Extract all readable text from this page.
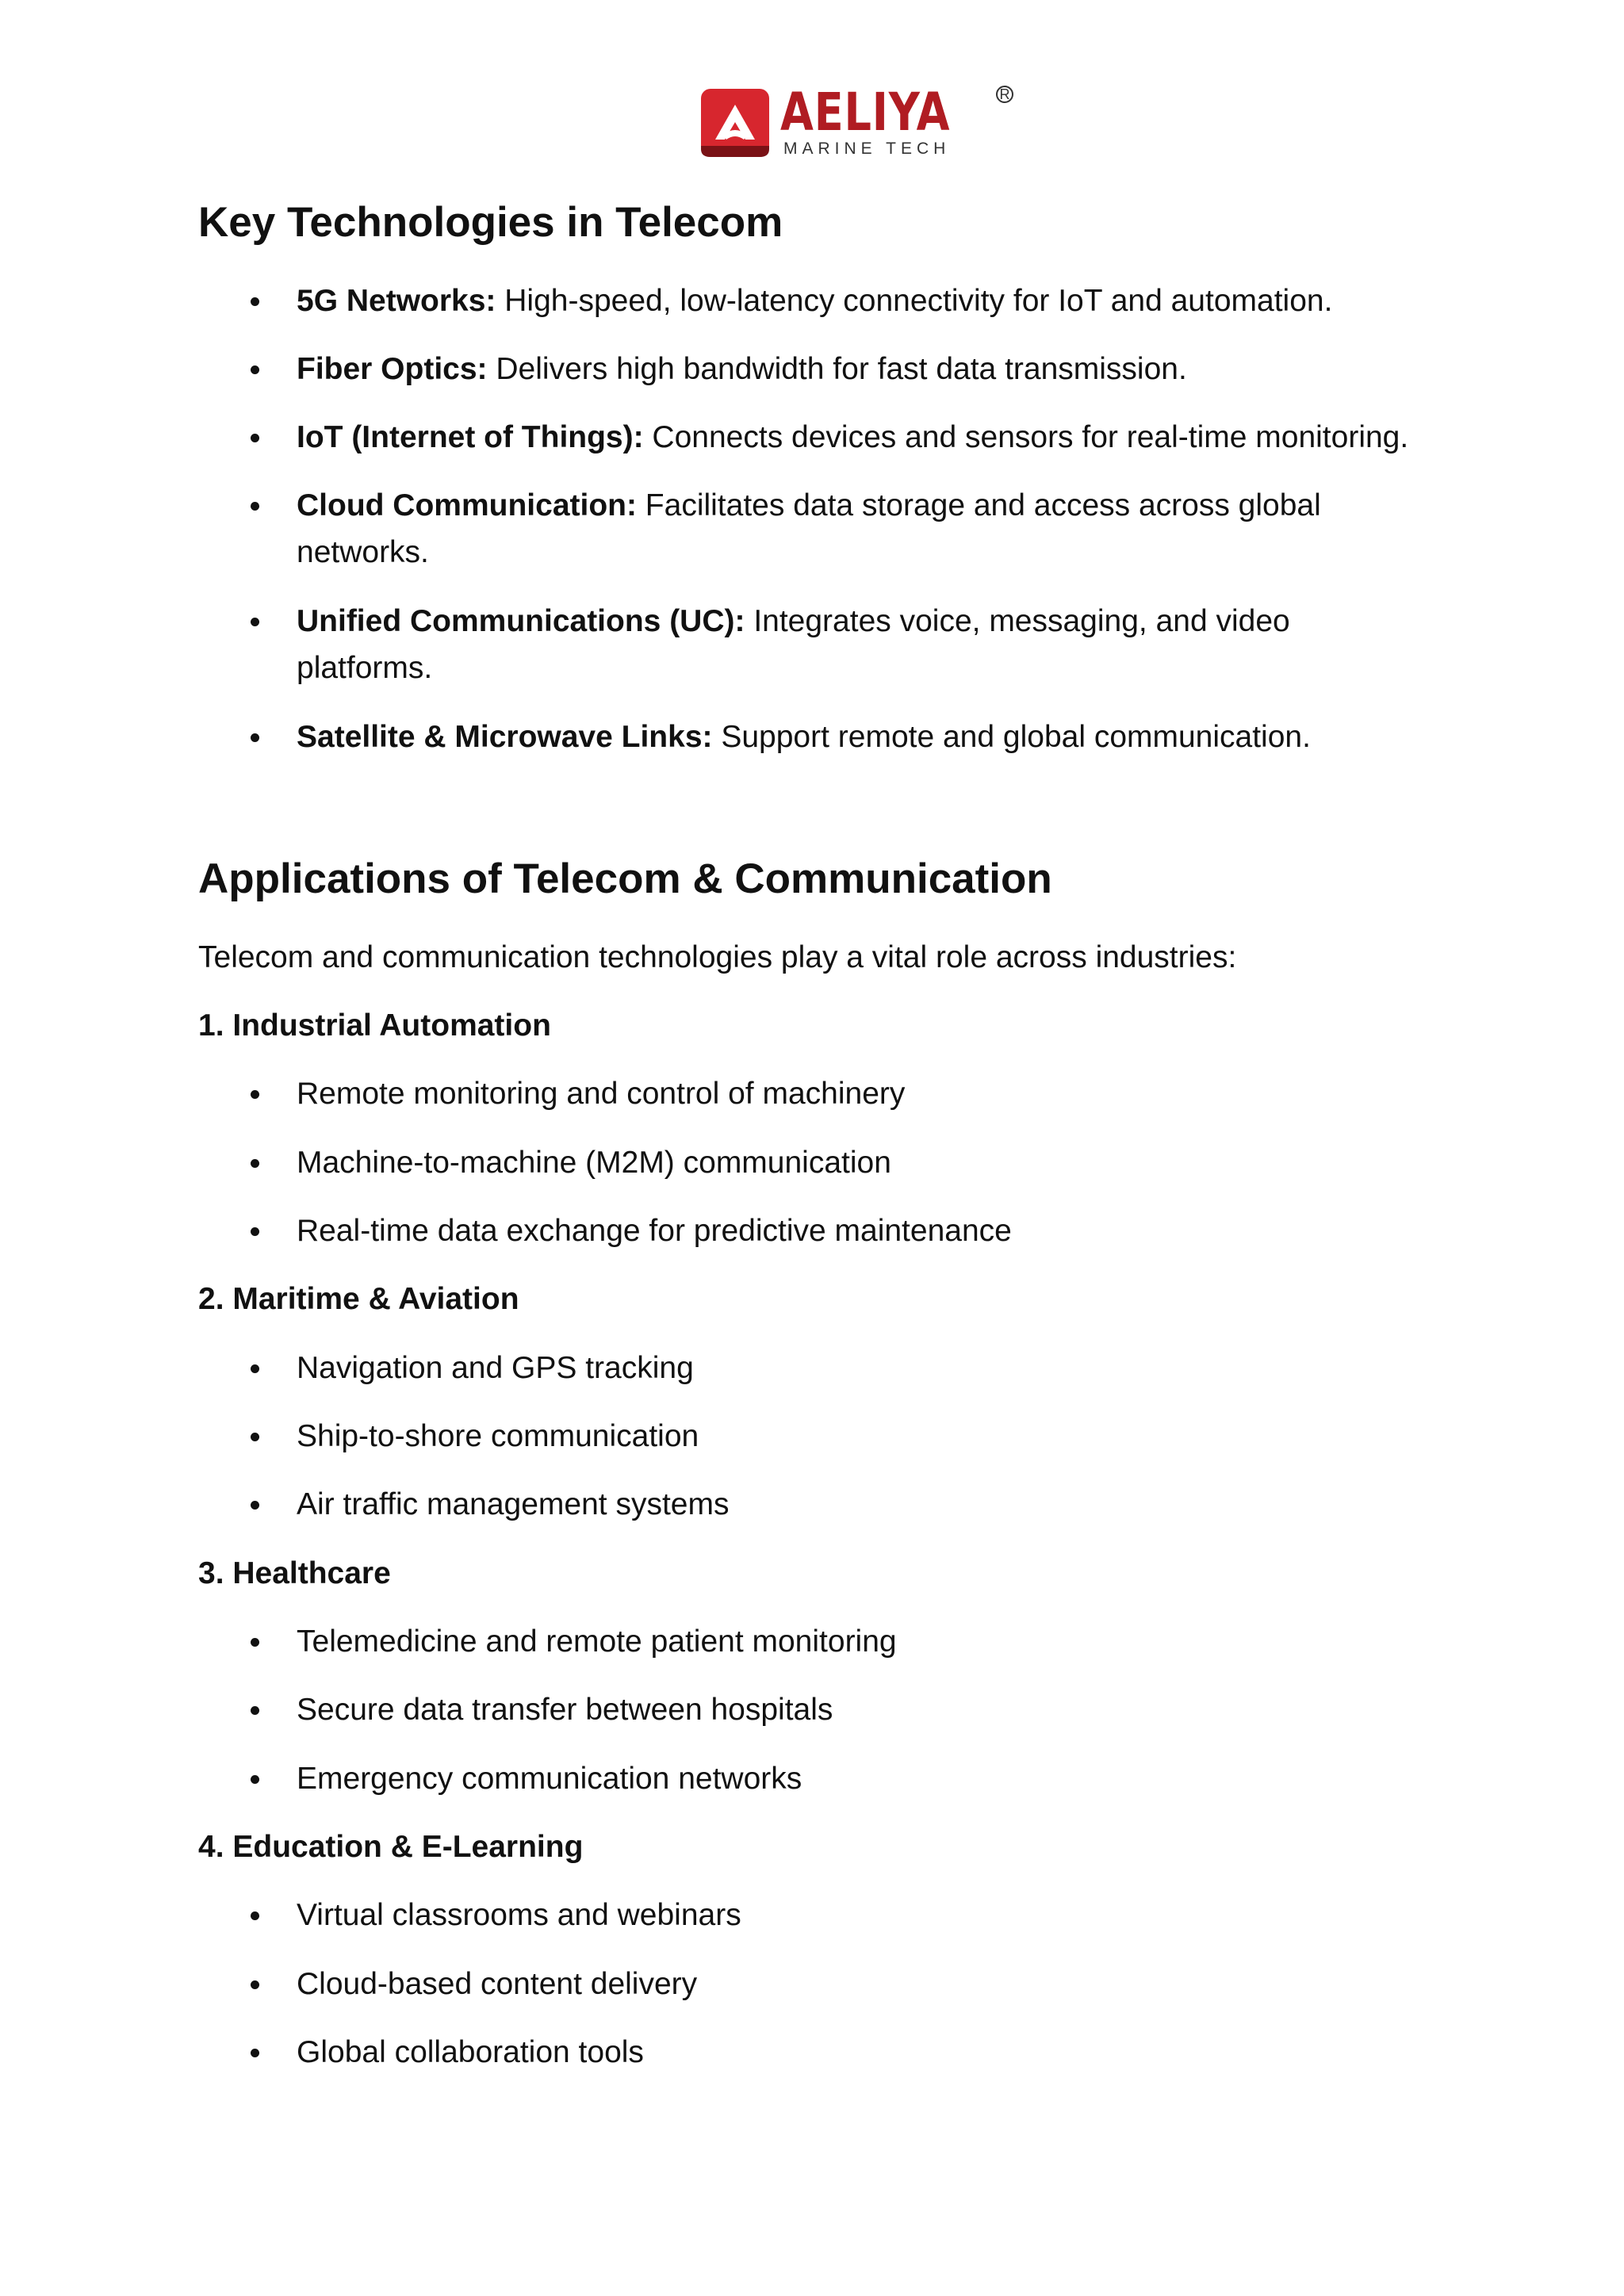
AELIYA
MARINE TECH
R
Key Technologies in Telecom

5G Networks: High-speed, low-latency connectivity for IoT and automation.

Fiber Optics: Delivers high bandwidth for fast data transmission.

IoT (Internet of Things): Connects devices and sensors for real-time monitoring.

Cloud Communication: Facilitates data storage and access across global networks.

Unified Communications (UC): Integrates voice, messaging, and video platforms.

Satellite & Microwave Links: Support remote and global communication.

Applications of Telecom & Communication

Telecom and communication technologies play a vital role across industries:

1. Industrial Automation

Remote monitoring and control of machinery

Machine-to-machine (M2M) communication

Real-time data exchange for predictive maintenance

2. Maritime & Aviation

Navigation and GPS tracking

Ship-to-shore communication

Air traffic management systems

3. Healthcare

Telemedicine and remote patient monitoring

Secure data transfer between hospitals

Emergency communication networks

4. Education & E-Learning

Virtual classrooms and webinars

Cloud-based content delivery

Global collaboration tools
